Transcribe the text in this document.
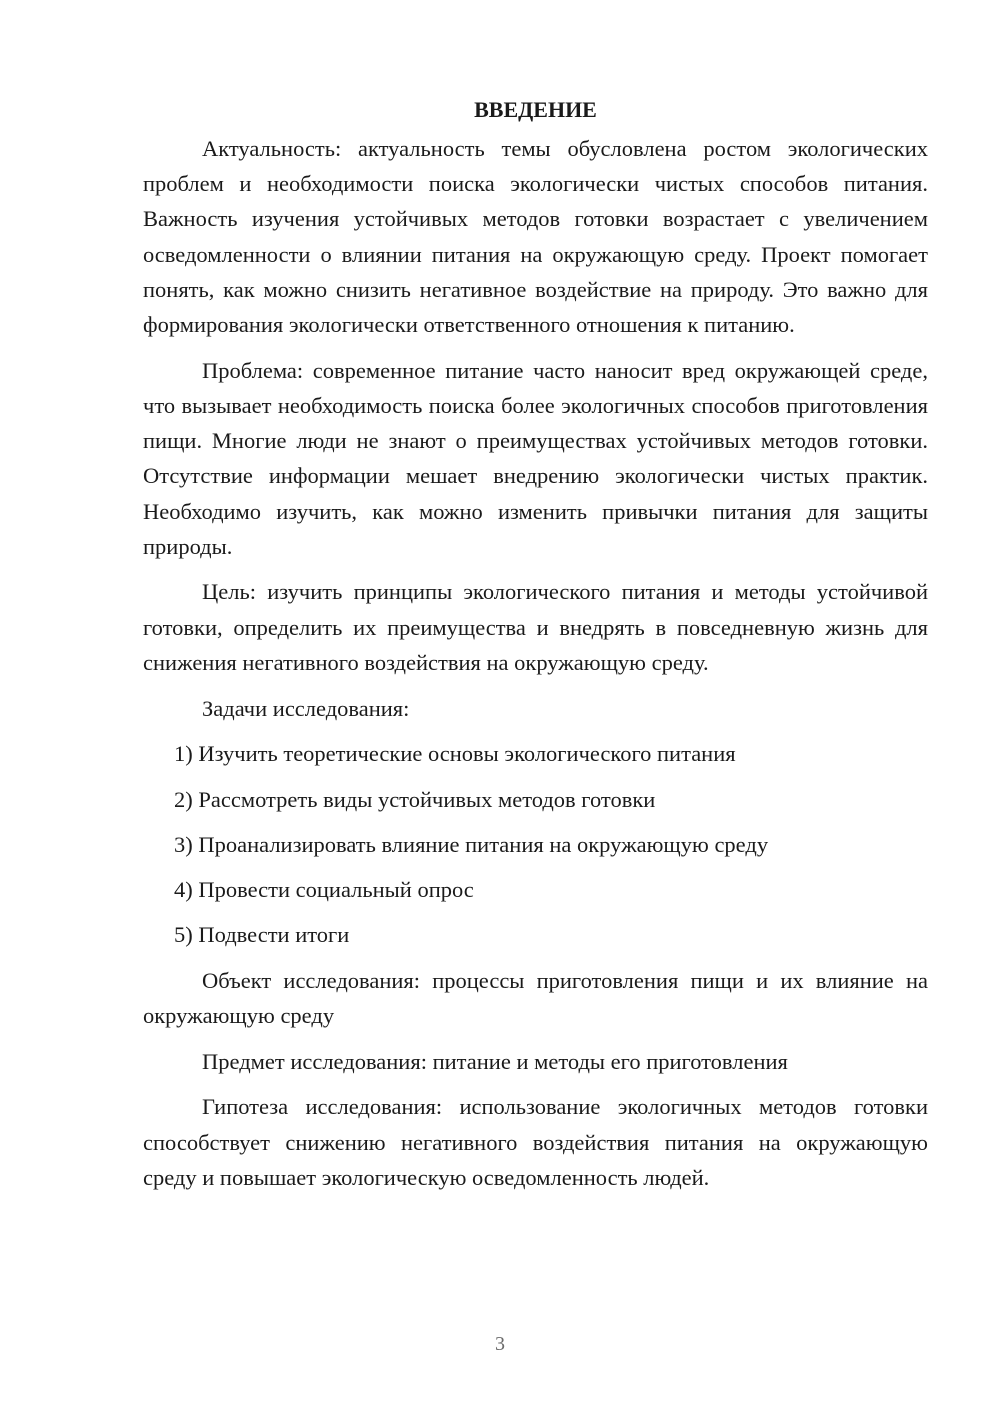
ВВЕДЕНИЕ

Актуальность: актуальность темы обусловлена ростом экологических проблем и необходимости поиска экологически чистых способов питания. Важность изучения устойчивых методов готовки возрастает с увеличением осведомленности о влиянии питания на окружающую среду. Проект помогает понять, как можно снизить негативное воздействие на природу. Это важно для формирования экологически ответственного отношения к питанию.

Проблема: современное питание часто наносит вред окружающей среде, что вызывает необходимость поиска более экологичных способов приготовления пищи. Многие люди не знают о преимуществах устойчивых методов готовки. Отсутствие информации мешает внедрению экологически чистых практик. Необходимо изучить, как можно изменить привычки питания для защиты природы.

Цель: изучить принципы экологического питания и методы устойчивой готовки, определить их преимущества и внедрять в повседневную жизнь для снижения негативного воздействия на окружающую среду.

Задачи исследования:

1) Изучить теоретические основы экологического питания

2) Рассмотреть виды устойчивых методов готовки

3) Проанализировать влияние питания на окружающую среду

4) Провести социальный опрос

5) Подвести итоги

Объект исследования: процессы приготовления пищи и их влияние на окружающую среду

Предмет исследования: питание и методы его приготовления

Гипотеза исследования: использование экологичных методов готовки способствует снижению негативного воздействия питания на окружающую среду и повышает экологическую осведомленность людей.

3
